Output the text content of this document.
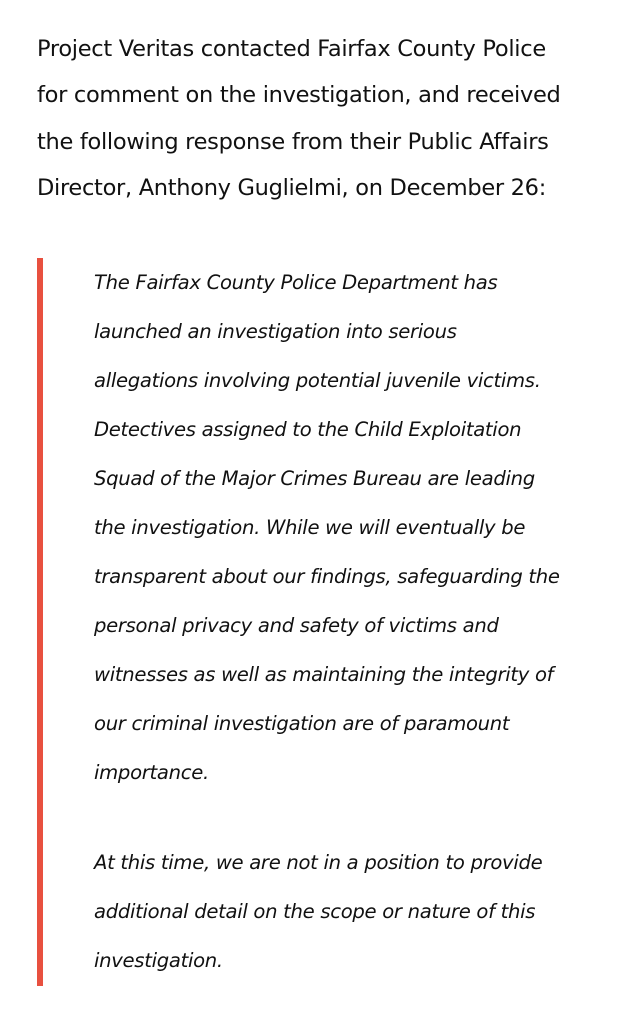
Project Veritas contacted Fairfax County Police
for comment on the investigation, and received
the following response from their Public Affairs
Director, Anthony Guglielmi, on December 26:
The Fairfax County Police Department has
launched an investigation into serious
allegations involving potential juvenile victims.
Detectives assigned to the Child Exploitation
Squad of the Major Crimes Bureau are leading
the investigation. While we will eventually be
transparent about our findings, safeguarding the
personal privacy and safety of victims and
witnesses as well as maintaining the integrity of
our criminal investigation are of paramount
importance.
At this time, we are not in a position to provide
additional detail on the scope or nature of this
investigation.
